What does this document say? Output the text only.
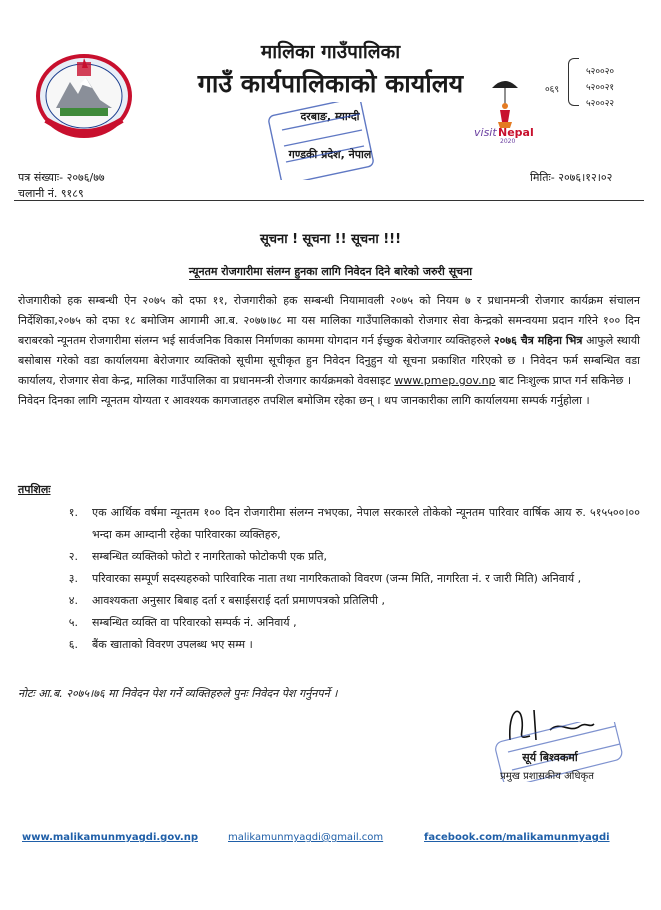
मालिका गाउँपालिका
गाउँ कार्यपालिकाको कार्यालय
दरबाङ, म्याग्दी
गण्डकी प्रदेश, नेपाल
visit Nepal
2020
०६९
५२००२०
५२००२१
५२००२२
पत्र संख्याः- २०७६/७७
चलानी नं. ९१८९
मितिः- २०७६।१२।०२
सूचना ! सूचना !! सूचना !!!
न्यूनतम रोजगारीमा संलग्न हुनका लागि निवेदन दिने बारेको जरुरी सूचना

रोजगारीको हक सम्बन्धी ऐन २०७५ को दफा ११, रोजगारीको हक सम्बन्धी नियामावली २०७५ को नियम ७ र प्रधानमन्त्री रोजगार कार्यक्रम संचालन निर्देशिका,२०७५ को दफा १८ बमोजिम आगामी आ.ब. २०७७।७८ मा यस मालिका गाउँपालिकाको रोजगार सेवा केन्द्रको समन्वयमा प्रदान गरिने १०० दिन बराबरको न्यूनतम रोजगारीमा संलग्न भई सार्वजनिक विकास निर्माणका काममा योगदान गर्न ईच्छुक बेरोजगार व्यक्तिहरुले २०७६ चैत्र महिना भित्र आफुले स्थायी बसोबास गरेको वडा कार्यालयमा बेरोजगार व्यक्तिको सूचीमा सूचीकृत हुन निवेदन दिनुहुन यो सूचना प्रकाशित गरिएको छ । निवेदन फर्म सम्बन्धित वडा कार्यालय, रोजगार सेवा केन्द्र, मालिका गाउँपालिका वा प्रधानमन्त्री रोजगार कार्यक्रमको वेवसाइट www.pmep.gov.np बाट निःशुल्क प्राप्त गर्न सकिनेछ ।

निवेदन दिनका लागि न्यूनतम योग्यता र आवश्यक कागजातहरु तपशिल बमोजिम रहेका छन् । थप जानकारीका लागि कार्यालयमा सम्पर्क गर्नुहोला ।

तपशिलः
१.	एक आर्थिक वर्षमा न्यूनतम १०० दिन रोजगारीमा संलग्न नभएका, नेपाल सरकारले तोकेको न्यूनतम पारिवार वार्षिक आय रु. ५१५५००।०० भन्दा कम आम्दानी रहेका पारिवारका व्यक्तिहरु,
२.	सम्बन्धित व्यक्तिको फोटो र नागरिताको फोटोकपी एक प्रति,
३.	परिवारका सम्पूर्ण सदस्यहरुको पारिवारिक नाता तथा नागरिकताको विवरण (जन्म मिति, नागरिता नं. र जारी मिति) अनिवार्य ,
४.	आवश्यकता अनुसार बिबाह दर्ता र बसाईसराई दर्ता प्रमाणपत्रको प्रतिलिपी ,
५.	सम्बन्धित व्यक्ति वा परिवारको सम्पर्क नं. अनिवार्य ,
६.	बैंक खाताको विवरण उपलब्ध भए सम्म ।
नोटः आ.ब. २०७५।७६ मा निवेदन पेश गर्ने व्यक्तिहरुले पुनः निवेदन पेश गर्नुनपर्ने ।
सूर्य बिश्वकर्मा
प्रमुख प्रशासकीय अधिकृत
www.malikamunmyagdi.gov.np	malikamunmyagdi@gmail.com	facebook.com/malikamunmyagdi
